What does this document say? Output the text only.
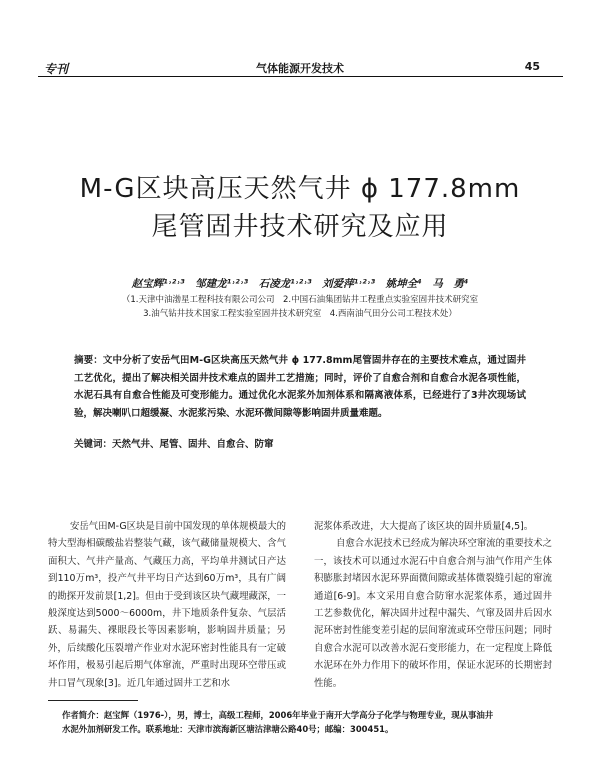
专刊	气体能源开发技术	45
M-G区块高压天然气井 ϕ 177.8mm
尾管固井技术研究及应用
赵宝辉¹˒²˒³　邹建龙¹˒²˒³　石凌龙¹˒²˒³　刘爱萍¹˒²˒³　姚坤全⁴　马　勇⁴
（1.天津中油渤星工程科技有限公司公司　2.中国石油集团钻井工程重点实验室固井技术研究室
3.油气钻井技术国家工程实验室固井技术研究室　4.西南油气田分公司工程技术处）
摘要：文中分析了安岳气田M-G区块高压天然气井 ϕ 177.8mm尾管固井存在的主要技术难点，通过固井工艺优化，提出了解决相关固井技术难点的固井工艺措施；同时，评价了自愈合剂和自愈合水泥各项性能，水泥石具有自愈合性能及可变形能力。通过优化水泥浆外加剂体系和隔离液体系，已经进行了3井次现场试验，解决喇叭口超缓凝、水泥浆污染、水泥环微间隙等影响固井质量难题。
关键词：天然气井、尾管、固井、自愈合、防窜
安岳气田M-G区块是目前中国发现的单体规模最大的特大型海相碳酸盐岩整装气藏，该气藏储量规模大、含气面积大、气井产量高、气藏压力高，平均单井测试日产达到110万m³，投产气井平均日产达到60万m³，具有广阔的勘探开发前景[1,2]。但由于受到该区块气藏埋藏深，一般深度达到5000～6000m，井下地质条件复杂、气层活跃、易漏失、裸眼段长等因素影响，影响固井质量；另外，后续酸化压裂增产作业对水泥环密封性能具有一定破坏作用，极易引起后期气体窜流，严重时出现环空带压或井口冒气现象[3]。近几年通过固井工艺和水
泥浆体系改进，大大提高了该区块的固井质量[4,5]。
自愈合水泥技术已经成为解决环空窜流的重要技术之一，该技术可以通过水泥石中自愈合剂与油气作用产生体积膨胀封堵因水泥环界面微间隙或基体微裂缝引起的窜流通道[6-9]。本文采用自愈合防窜水泥浆体系，通过固井工艺参数优化，解决固井过程中漏失、气窜及固井后因水泥环密封性能变差引起的层间窜流或环空带压问题；同时自愈合水泥可以改善水泥石变形能力，在一定程度上降低水泥环在外力作用下的破坏作用，保证水泥环的长期密封性能。
作者简介：赵宝辉（1976-），男，博士，高级工程师，2006年毕业于南开大学高分子化学与物理专业，现从事油井
水泥外加剂研发工作。联系地址：天津市滨海新区塘沽津塘公路40号；邮编：300451。
